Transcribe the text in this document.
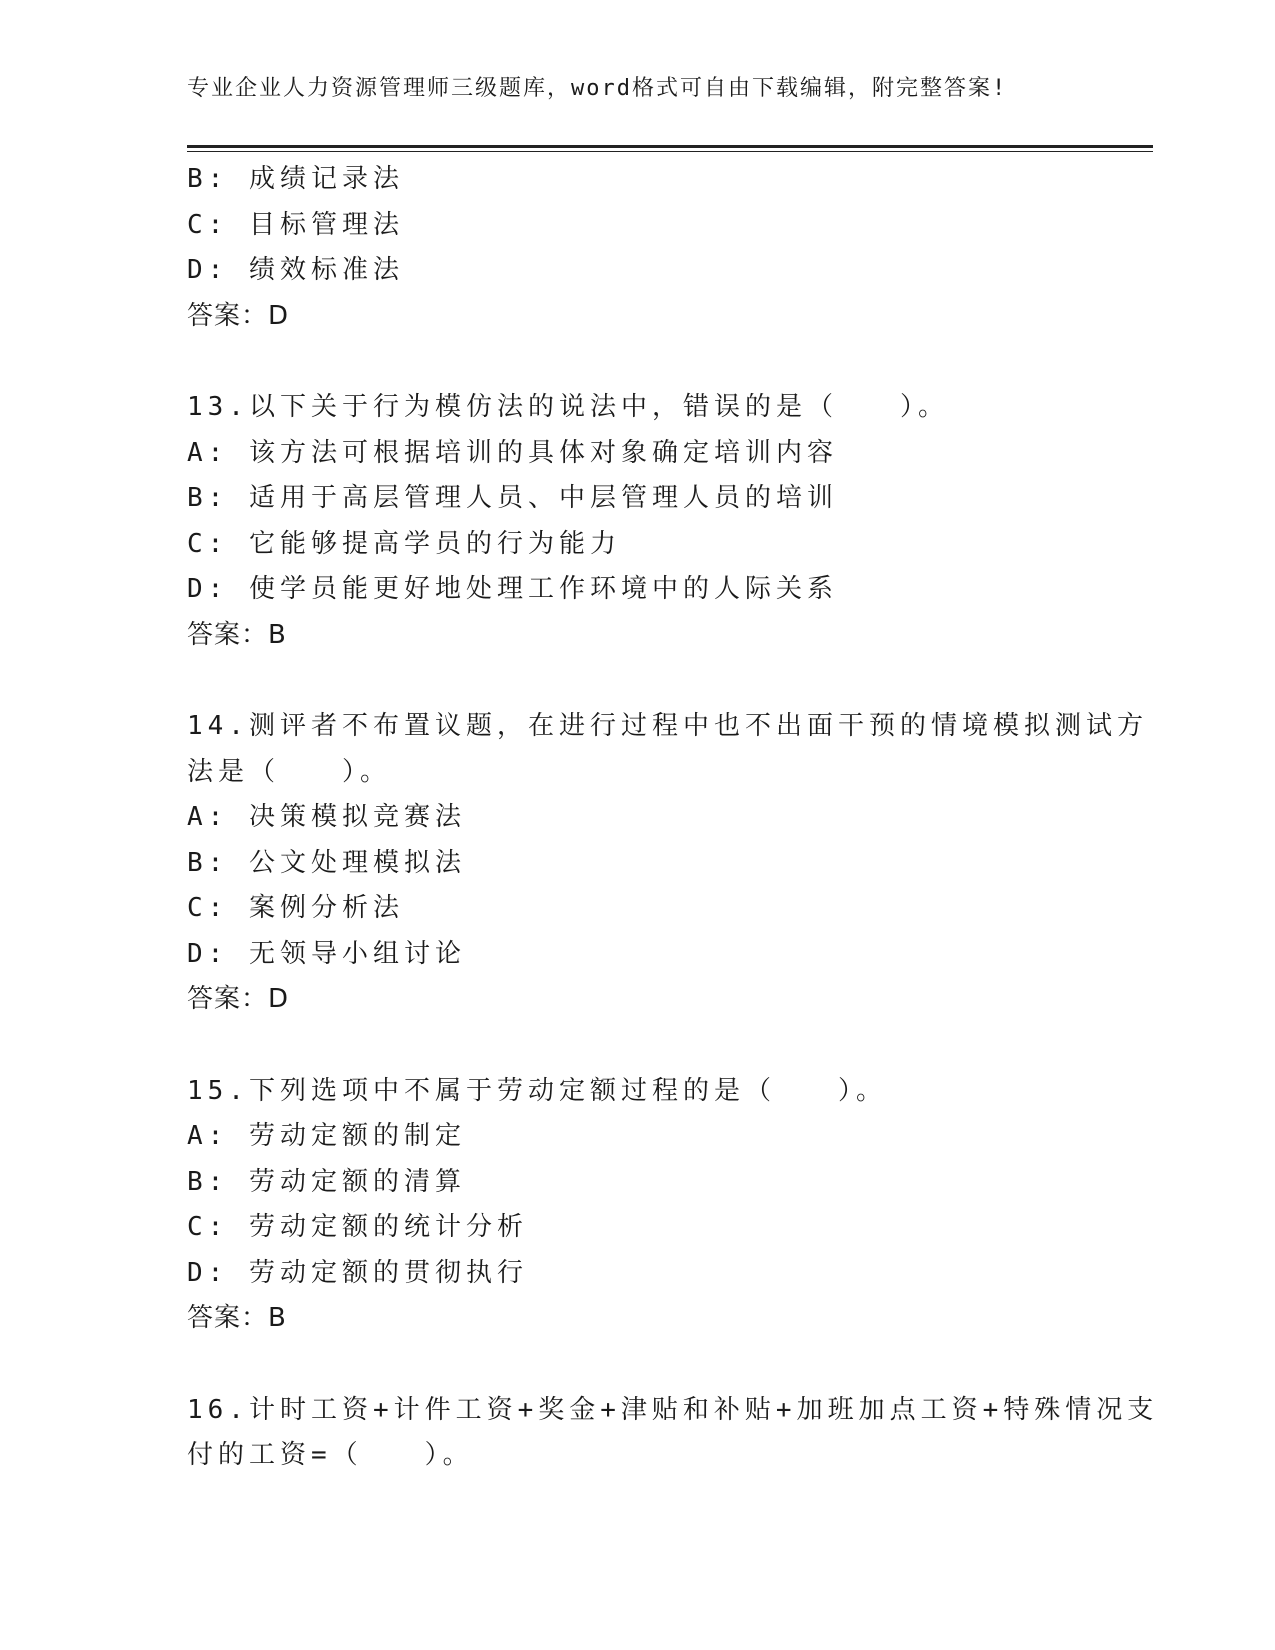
专业企业人力资源管理师三级题库，word格式可自由下载编辑，附完整答案!
B: 成绩记录法
C: 目标管理法
D: 绩效标准法
答案：D
13.以下关于行为模仿法的说法中，错误的是（　　）。
A: 该方法可根据培训的具体对象确定培训内容
B: 适用于高层管理人员、中层管理人员的培训
C: 它能够提高学员的行为能力
D: 使学员能更好地处理工作环境中的人际关系
答案：B
14.测评者不布置议题，在进行过程中也不出面干预的情境模拟测试方
法是（　　）。
A: 决策模拟竞赛法
B: 公文处理模拟法
C: 案例分析法
D: 无领导小组讨论
答案：D
15.下列选项中不属于劳动定额过程的是（　　）。
A: 劳动定额的制定
B: 劳动定额的清算
C: 劳动定额的统计分析
D: 劳动定额的贯彻执行
答案：B
16.计时工资+计件工资+奖金+津贴和补贴+加班加点工资+特殊情况支
付的工资=（　　）。
